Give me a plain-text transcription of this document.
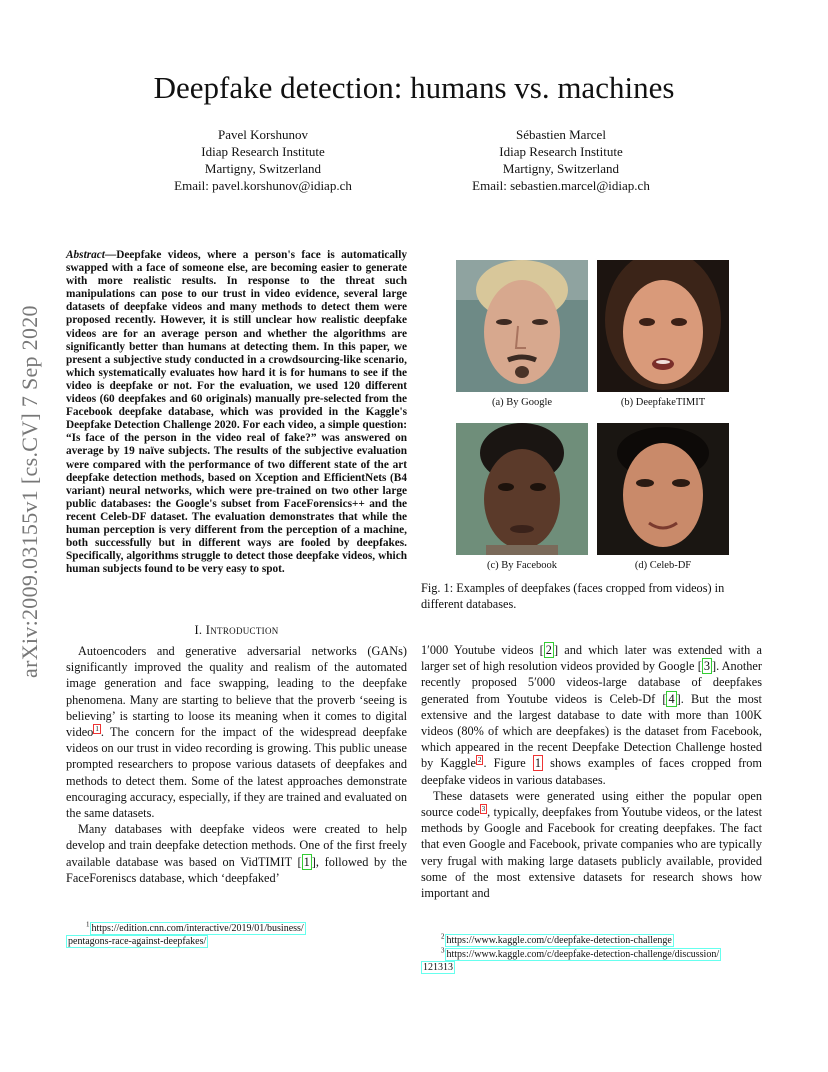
Deepfake detection: humans vs. machines
Pavel Korshunov
Idiap Research Institute
Martigny, Switzerland
Email: pavel.korshunov@idiap.ch
Sébastien Marcel
Idiap Research Institute
Martigny, Switzerland
Email: sebastien.marcel@idiap.ch
arXiv:2009.03155v1 [cs.CV] 7 Sep 2020
Abstract—Deepfake videos, where a person's face is automatically swapped with a face of someone else, are becoming easier to generate with more realistic results. In response to the threat such manipulations can pose to our trust in video evidence, several large datasets of deepfake videos and many methods to detect them were proposed recently. However, it is still unclear how realistic deepfake videos are for an average person and whether the algorithms are significantly better than humans at detecting them. In this paper, we present a subjective study conducted in a crowdsourcing-like scenario, which systematically evaluates how hard it is for humans to see if the video is deepfake or not. For the evaluation, we used 120 different videos (60 deepfakes and 60 originals) manually pre-selected from the Facebook deepfake database, which was provided in the Kaggle's Deepfake Detection Challenge 2020. For each video, a simple question: “Is face of the person in the video real of fake?” was answered on average by 19 naïve subjects. The results of the subjective evaluation were compared with the performance of two different state of the art deepfake detection methods, based on Xception and EfficientNets (B4 variant) neural networks, which were pre-trained on two other large public databases: the Google's subset from FaceForensics++ and the recent Celeb-DF dataset. The evaluation demonstrates that while the human perception is very different from the perception of a machine, both successfully but in different ways are fooled by deepfakes. Specifically, algorithms struggle to detect those deepfake videos, which human subjects found to be very easy to spot.
I. Introduction

Autoencoders and generative adversarial networks (GANs) significantly improved the quality and realism of the automated image generation and face swapping, leading to the deepfake phenomena. Many are starting to believe that the proverb ‘seeing is believing’ is starting to loose its meaning when it comes to digital video $^1$ . The concern for the impact of the widespread deepfake videos on our trust in video recording is growing. This public unease prompted researchers to propose various datasets of deepfakes and methods to detect them. Some of the latest approaches demonstrate encouraging accuracy, especially, if they are trained and evaluated on the same datasets.

Many databases with deepfake videos were created to help develop and train deepfake detection methods. One of the first freely available database was based on VidTIMIT [ 1 ], followed by the FaceForeniscs database, which ‘deepfaked’

1′000 Youtube videos [ 2 ] and which later was extended with a larger set of high resolution videos provided by Google [ 3 ]. Another recently proposed 5′000 videos-large database of deepfakes generated from Youtube videos is Celeb-Df [ 4 ]. But the most extensive and the largest database to date with more than 100K videos (80% of which are deepfakes) is the dataset from Facebook, which appeared in the recent Deepfake Detection Challenge hosted by Kaggle $^2$ . Figure 1 shows examples of faces cropped from deepfake videos in various databases.

These datasets were generated using either the popular open source code $^3$ , typically, deepfakes from Youtube videos, or the latest methods by Google and Facebook for creating deepfakes. The fact that even Google and Facebook, private companies who are typically very frugal with making large datasets publicly available, provided some of the most extensive datasets for research shows how important and

(a) By Google	(b) DeepfakeTIMIT
(c) By Facebook	(d) Celeb-DF
Fig. 1: Examples of deepfakes (faces cropped from videos) in different databases.
$^1$ https://edition.cnn.com/interactive/2019/01/business/
pentagons-race-against-deepfakes/	$^2$ https://www.kaggle.com/c/deepfake-detection-challenge
$^3$ https://www.kaggle.com/c/deepfake-detection-challenge/discussion/
121313
